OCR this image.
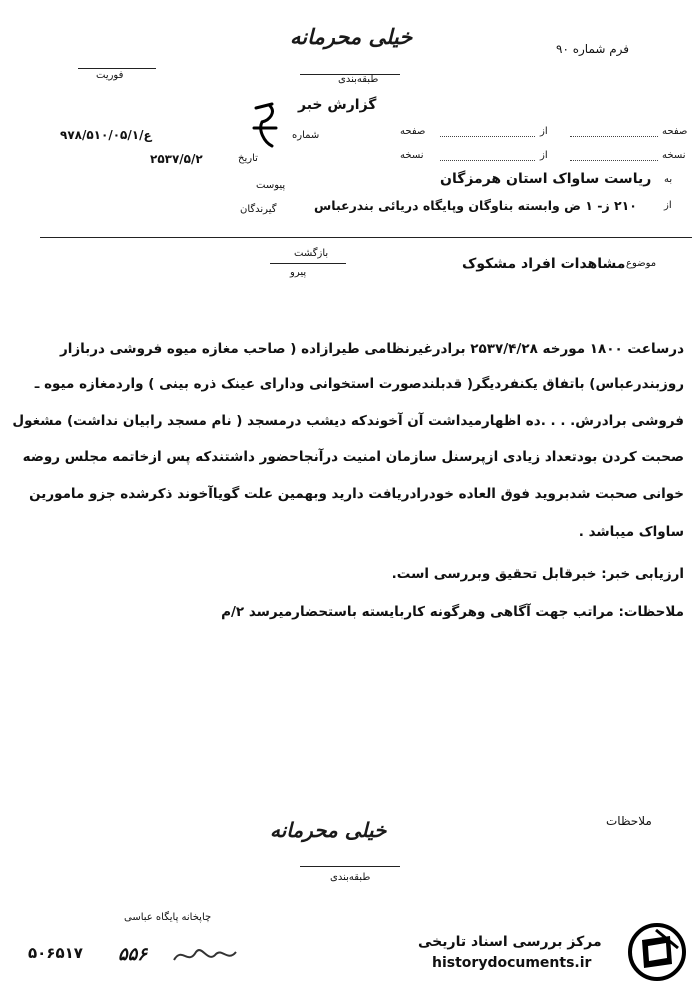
خیلی محرمانه
طبقه‌بندی
فرم شماره ۹۰
فوریت
گزارش خبر
صفحه
از
صفحه
نسخه
از
نسخه
ع/۹۷۸/۵۱۰/۰۵/۱	شماره
۲۵۳۷/۵/۲	تاریخ
پیوست
به
ریاست ساواک استان هرمزگان
از
۲۱۰ ز- ۱ ض وابسته بناوگان وپایگاه دریائی بندرعباس
گیرندگان
بازگشت
پیرو
موضوع
مشاهدات افراد مشکوک
درساعت ۱۸۰۰ مورخه ۲۵۳۷/۴/۲۸ برادرغیرنظامی طیرازاده ( صاحب مغازه میوه فروشی دربازار
روزبندرعباس) باتفاق یکنفردیگر( قدبلندصورت استخوانی ودارای عینک ذره بینی ) واردمغازه میوه ـ
فروشی برادرش. . . .ده اظهارمیداشت آن آخوندکه دیشب درمسجد ( نام مسجد رابیان نداشت) مشغول
صحبت کردن بودتعداد زیادی ازپرسنل سازمان امنیت درآنجاحضور داشتندکه پس ازخاتمه مجلس روضه
خوانی صحبت شدبروید فوق العاده خودرادریافت دارید وبهمین علت گویاآخوند ذکرشده جزو مامورین
ساواک میباشد .
ارزیابی خبر: خبرقابل تحقیق وبررسی است.
ملاحظات: مراتب جهت آگاهی وهرگونه کاربایسته باستحضارمیرسد ۲/م
ملاحظات
خیلی محرمانه
طبقه‌بندی
چاپخانه پایگاه عباسی
۵۰۶۵۱۷ ۵۵۶
مرکز بررسی اسناد تاریخی
historydocuments.ir
